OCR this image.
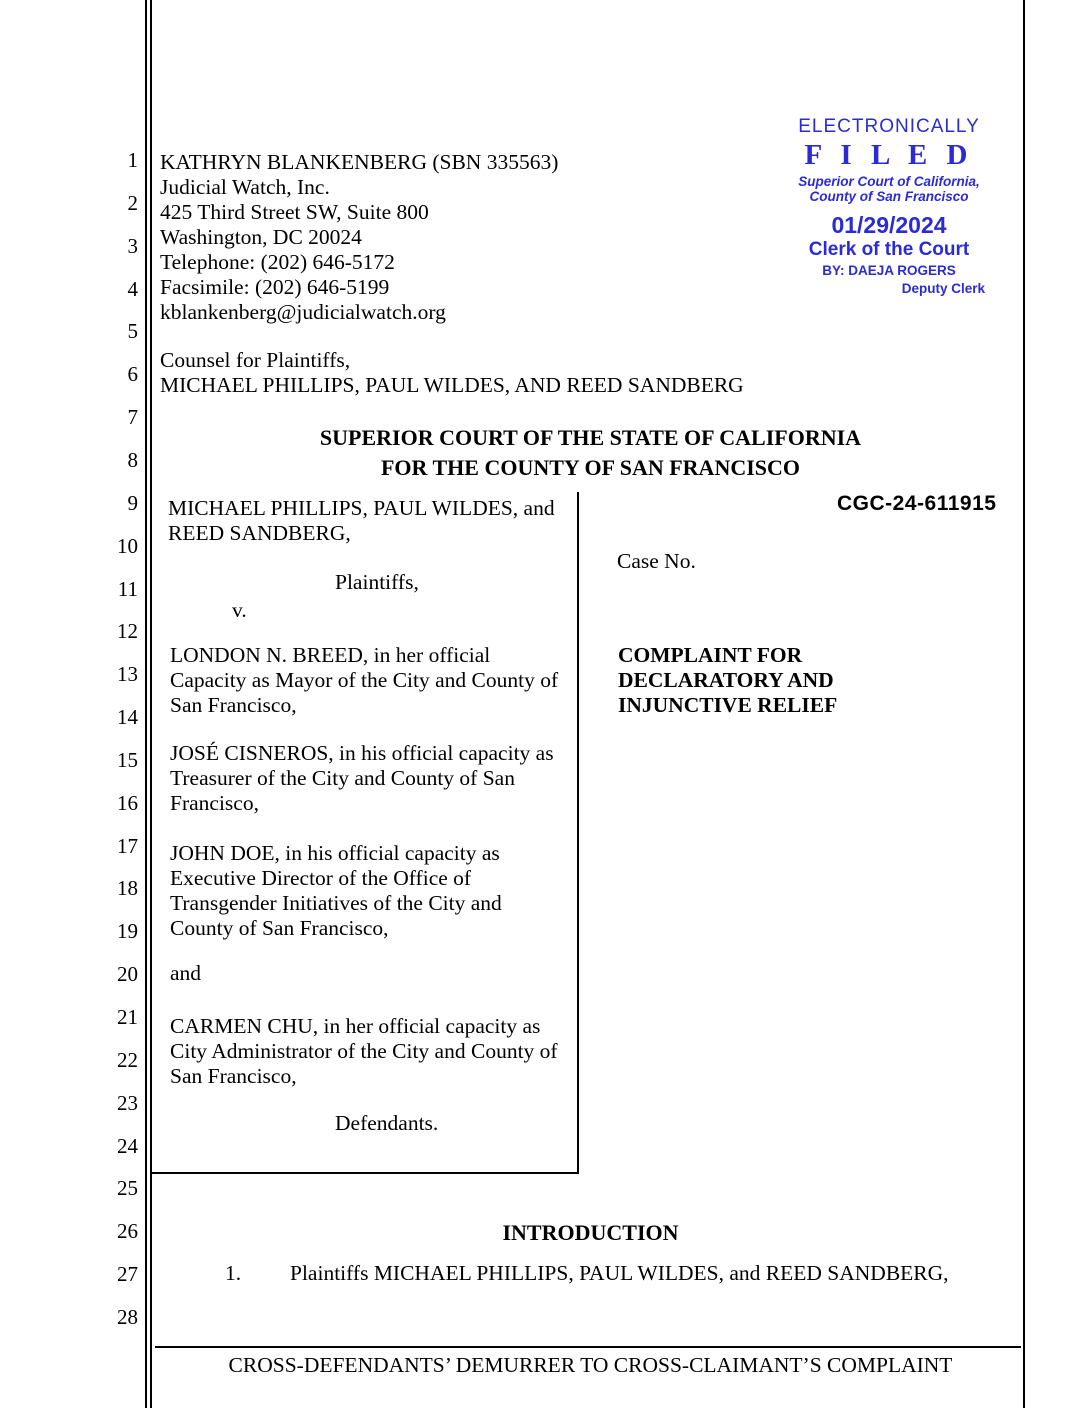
1
2
3
4
5
6
7
8
9
10
11
12
13
14
15
16
17
18
19
20
21
22
23
24
25
26
27
28
ELECTRONICALLY
F I L E D
Superior Court of California,
County of San Francisco
01/29/2024
Clerk of the Court
BY: DAEJA ROGERS
Deputy Clerk
KATHRYN BLANKENBERG (SBN 335563)
Judicial Watch, Inc.
425 Third Street SW, Suite 800
Washington, DC 20024
Telephone: (202) 646-5172
Facsimile: (202) 646-5199
kblankenberg@judicialwatch.org
Counsel for Plaintiffs,
MICHAEL PHILLIPS, PAUL WILDES, AND REED SANDBERG
SUPERIOR COURT OF THE STATE OF CALIFORNIA
FOR THE COUNTY OF SAN FRANCISCO
MICHAEL PHILLIPS, PAUL WILDES, and
REED SANDBERG,
Plaintiffs,
v.
LONDON N. BREED, in her official
Capacity as Mayor of the City and County of
San Francisco,
JOSÉ CISNEROS, in his official capacity as
Treasurer of the City and County of San
Francisco,
JOHN DOE, in his official capacity as
Executive Director of the Office of
Transgender Initiatives of the City and
County of San Francisco,
and
CARMEN CHU, in her official capacity as
City Administrator of the City and County of
San Francisco,
Defendants.
CGC-24-611915
Case No.
COMPLAINT FOR
DECLARATORY AND
INJUNCTIVE RELIEF
INTRODUCTION
1. Plaintiffs MICHAEL PHILLIPS, PAUL WILDES, and REED SANDBERG,
CROSS-DEFENDANTS’ DEMURRER TO CROSS-CLAIMANT’S COMPLAINT
